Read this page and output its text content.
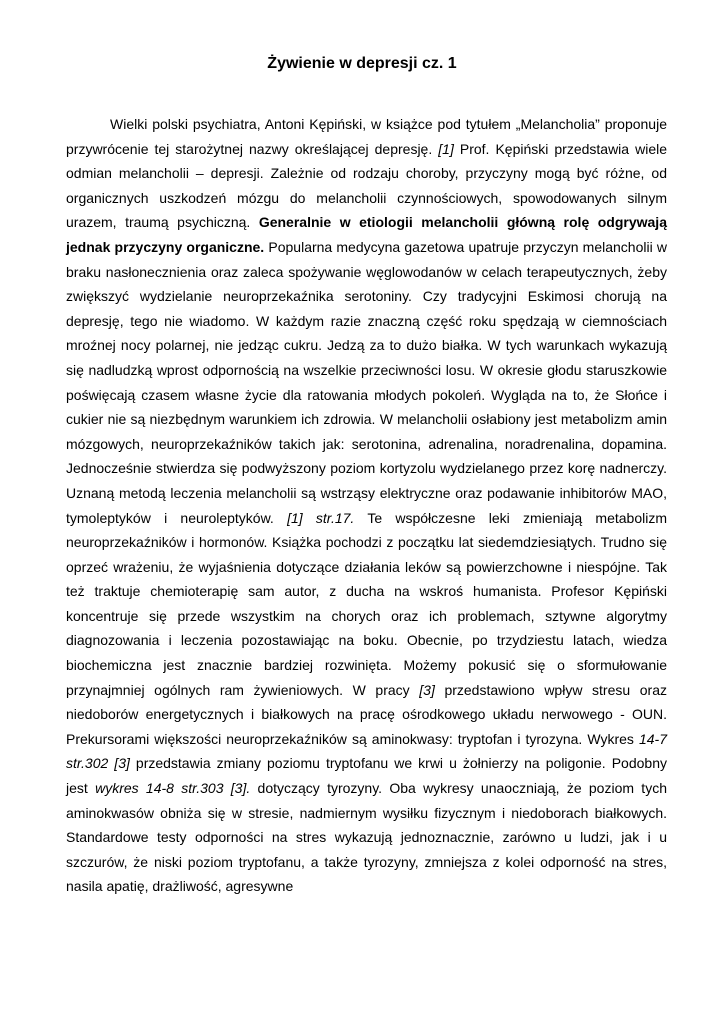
Żywienie w depresji cz. 1

Wielki polski psychiatra, Antoni Kępiński, w książce pod tytułem „Melancholia” proponuje przywrócenie tej starożytnej nazwy określającej depresję. [1] Prof. Kępiński przedstawia wiele odmian melancholii – depresji. Zależnie od rodzaju choroby, przyczyny mogą być różne, od organicznych uszkodzeń mózgu do melancholii czynnościowych, spowodowanych silnym urazem, traumą psychiczną. Generalnie w etiologii melancholii główną rolę odgrywają jednak przyczyny organiczne. Popularna medycyna gazetowa upatruje przyczyn melancholii w braku nasłonecznienia oraz zaleca spożywanie węglowodanów w celach terapeutycznych, żeby zwiększyć wydzielanie neuroprzekaźnika serotoniny. Czy tradycyjni Eskimosi chorują na depresję, tego nie wiadomo. W każdym razie znaczną część roku spędzają w ciemnościach mroźnej nocy polarnej, nie jedząc cukru. Jedzą za to dużo białka. W tych warunkach wykazują się nadludzką wprost odpornością na wszelkie przeciwności losu. W okresie głodu staruszkowie poświęcają czasem własne życie dla ratowania młodych pokoleń. Wygląda na to, że Słońce i cukier nie są niezbędnym warunkiem ich zdrowia. W melancholii osłabiony jest metabolizm amin mózgowych, neuroprzekaźników takich jak: serotonina, adrenalina, noradrenalina, dopamina. Jednocześnie stwierdza się podwyższony poziom kortyzolu wydzielanego przez korę nadnerczy. Uznaną metodą leczenia melancholii są wstrząsy elektryczne oraz podawanie inhibitorów MAO, tymoleptyków i neuroleptyków. [1] str.17. Te współczesne leki zmieniają metabolizm neuroprzekaźników i hormonów. Książka pochodzi z początku lat siedemdziesiątych. Trudno się oprzeć wrażeniu, że wyjaśnienia dotyczące działania leków są powierzchowne i niespójne. Tak też traktuje chemioterapię sam autor, z ducha na wskroś humanista. Profesor Kępiński koncentruje się przede wszystkim na chorych oraz ich problemach, sztywne algorytmy diagnozowania i leczenia pozostawiając na boku. Obecnie, po trzydziestu latach, wiedza biochemiczna jest znacznie bardziej rozwinięta. Możemy pokusić się o sformułowanie przynajmniej ogólnych ram żywieniowych. W pracy [3] przedstawiono wpływ stresu oraz niedoborów energetycznych i białkowych na pracę ośrodkowego układu nerwowego - OUN. Prekursorami większości neuroprzekaźników są aminokwasy: tryptofan i tyrozyna. Wykres 14-7 str.302 [3] przedstawia zmiany poziomu tryptofanu we krwi u żołnierzy na poligonie. Podobny jest wykres 14-8 str.303 [3]. dotyczący tyrozyny. Oba wykresy unaoczniają, że poziom tych aminokwasów obniża się w stresie, nadmiernym wysiłku fizycznym i niedoborach białkowych. Standardowe testy odporności na stres wykazują jednoznacznie, zarówno u ludzi, jak i u szczurów, że niski poziom tryptofanu, a także tyrozyny, zmniejsza z kolei odporność na stres, nasila apatię, drażliwość, agresywne
